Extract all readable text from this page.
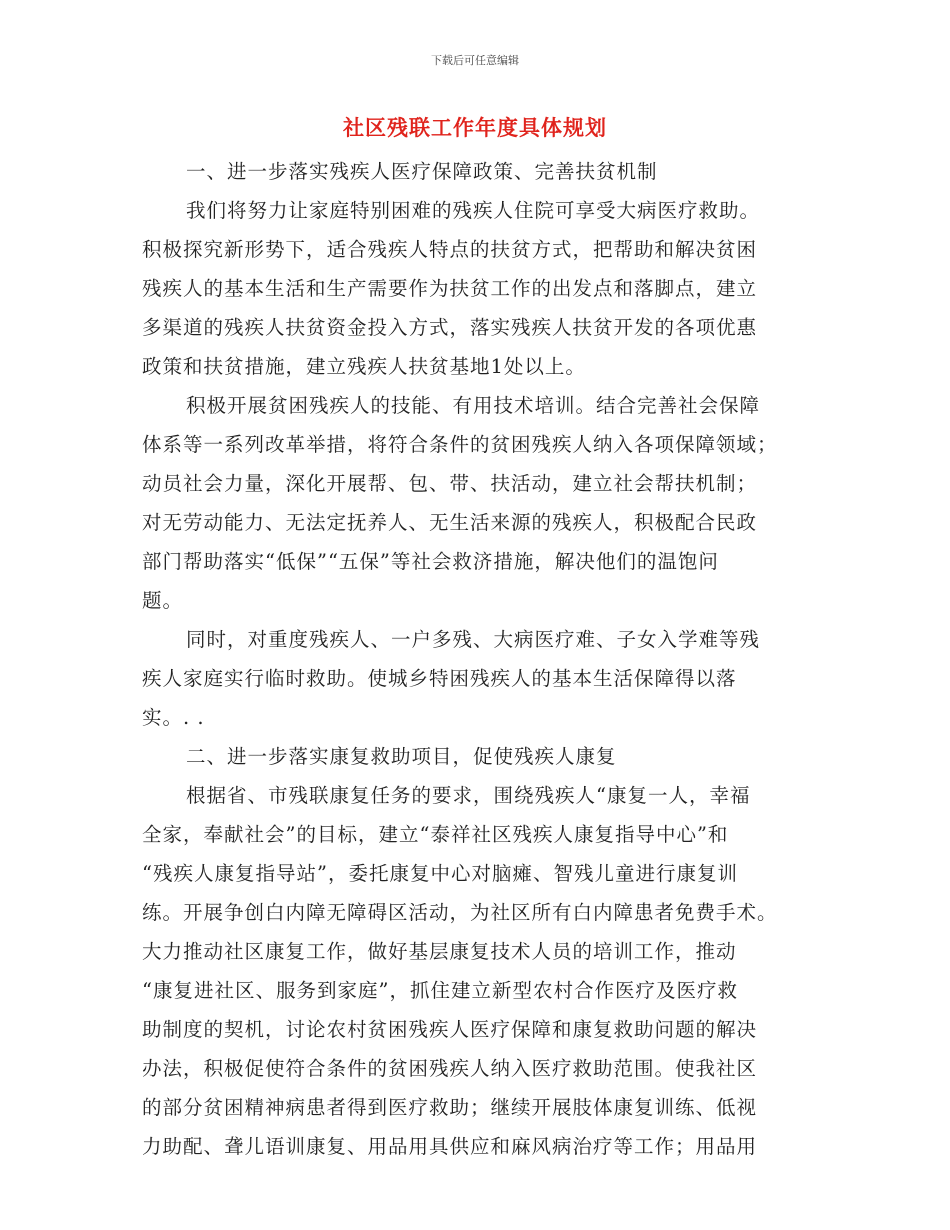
下载后可任意编辑
社区残联工作年度具体规划
一、进一步落实残疾人医疗保障政策、完善扶贫机制
我们将努力让家庭特别困难的残疾人住院可享受大病医疗救助。
积极探究新形势下，适合残疾人特点的扶贫方式，把帮助和解决贫困
残疾人的基本生活和生产需要作为扶贫工作的出发点和落脚点，建立
多渠道的残疾人扶贫资金投入方式，落实残疾人扶贫开发的各项优惠
政策和扶贫措施，建立残疾人扶贫基地1处以上。
积极开展贫困残疾人的技能、有用技术培训。结合完善社会保障
体系等一系列改革举措，将符合条件的贫困残疾人纳入各项保障领域；
动员社会力量，深化开展帮、包、带、扶活动，建立社会帮扶机制；
对无劳动能力、无法定抚养人、无生活来源的残疾人，积极配合民政
部门帮助落实“低保”“五保”等社会救济措施，解决他们的温饱问
题。
同时，对重度残疾人、一户多残、大病医疗难、子女入学难等残
疾人家庭实行临时救助。使城乡特困残疾人的基本生活保障得以落
实。. .
二、进一步落实康复救助项目，促使残疾人康复
根据省、市残联康复任务的要求，围绕残疾人“康复一人，幸福
全家，奉献社会”的目标，建立“泰祥社区残疾人康复指导中心”和
“残疾人康复指导站”，委托康复中心对脑瘫、智残儿童进行康复训
练。开展争创白内障无障碍区活动，为社区所有白内障患者免费手术。
大力推动社区康复工作，做好基层康复技术人员的培训工作，推动
“康复进社区、服务到家庭”，抓住建立新型农村合作医疗及医疗救
助制度的契机，讨论农村贫困残疾人医疗保障和康复救助问题的解决
办法，积极促使符合条件的贫困残疾人纳入医疗救助范围。使我社区
的部分贫困精神病患者得到医疗救助；继续开展肢体康复训练、低视
力助配、聋儿语训康复、用品用具供应和麻风病治疗等工作；用品用
